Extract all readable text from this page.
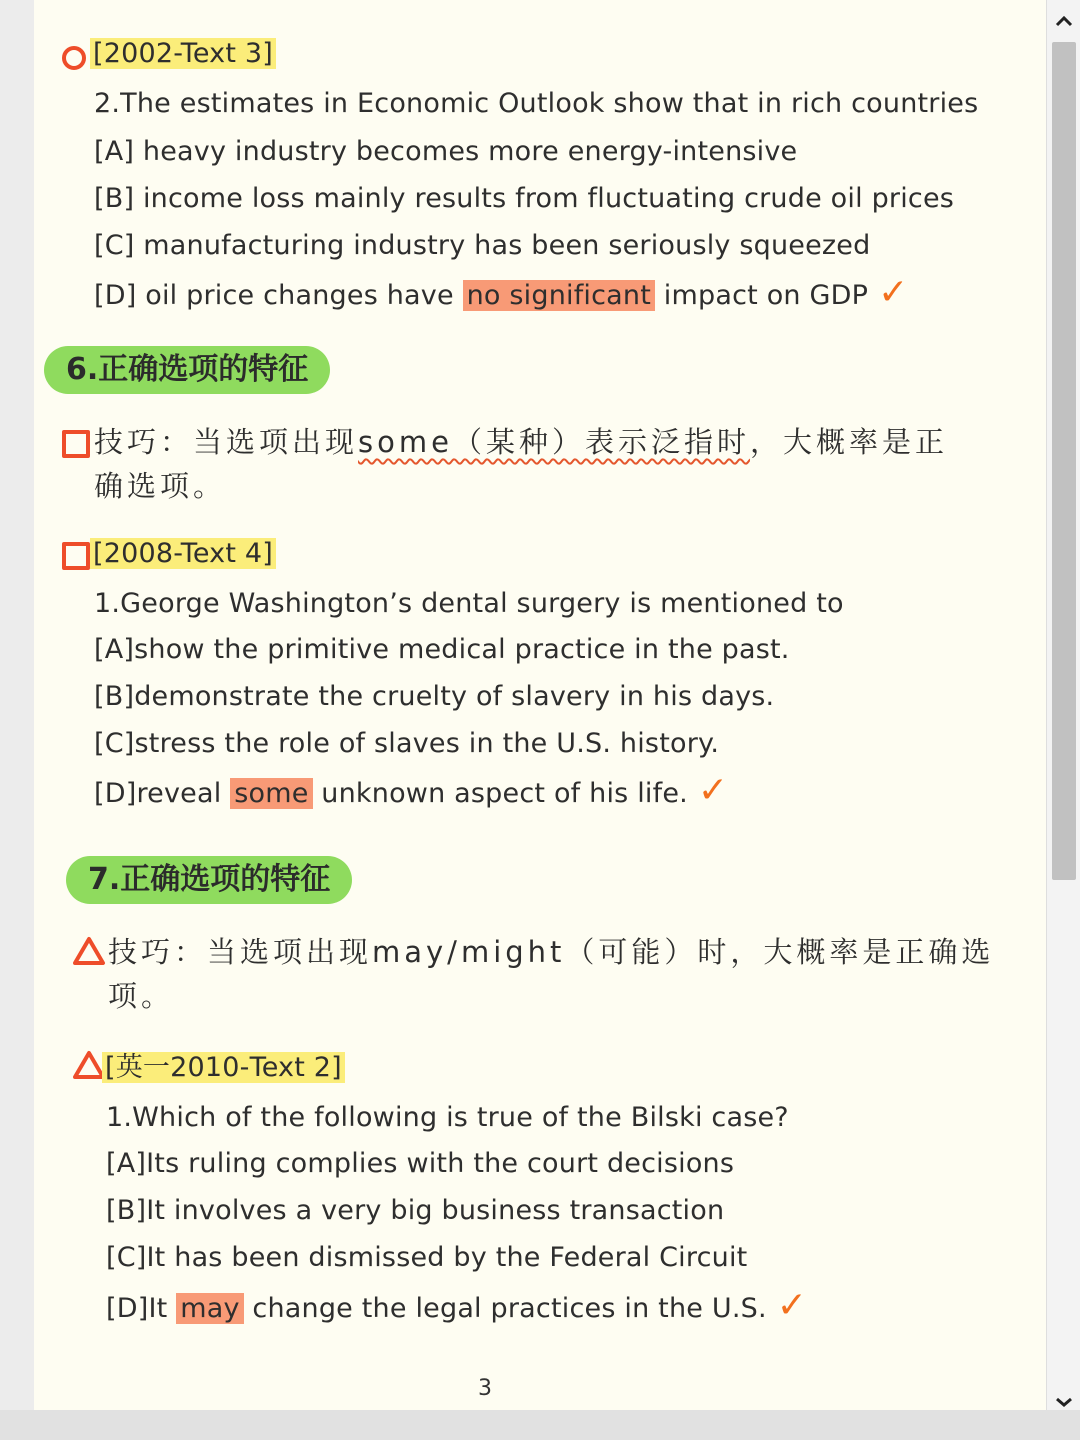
[2002-Text 3]
2.The estimates in Economic Outlook show that in rich countries
[A] heavy industry becomes more energy-intensive
[B] income loss mainly results from fluctuating crude oil prices
[C] manufacturing industry has been seriously squeezed
[D] oil price changes have no significant impact on GDP ✓
6.正确选项的特征
技巧：当选项出现some（某种）表示泛指时，大概率是正
确选项。
[2008-Text 4]
1.George Washington’s dental surgery is mentioned to
[A]show the primitive medical practice in the past.
[B]demonstrate the cruelty of slavery in his days.
[C]stress the role of slaves in the U.S. history.
[D]reveal some unknown aspect of his life. ✓
7.正确选项的特征
技巧：当选项出现may/might（可能）时，大概率是正确选
项。
[英一2010-Text 2]
1.Which of the following is true of the Bilski case?
[A]Its ruling complies with the court decisions
[B]It involves a very big business transaction
[C]It has been dismissed by the Federal Circuit
[D]It may change the legal practices in the U.S. ✓
3
